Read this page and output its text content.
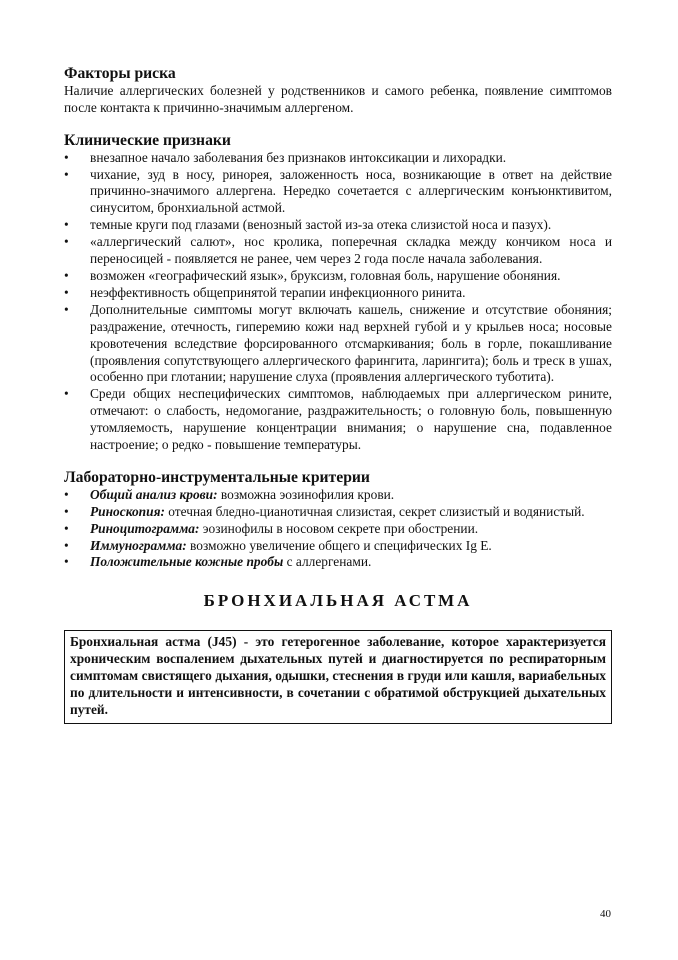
Факторы риска

Наличие аллергических болезней у родственников и самого ребенка, появление симптомов после контакта к причинно-значимым аллергеном.

Клинические признаки
• внезапное начало заболевания без признаков интоксикации и лихорадки.
• чихание, зуд в носу, ринорея, заложенность носа, возникающие в ответ на действие причинно-значимого аллергена. Нередко сочетается с аллергическим конъюнктивитом, синуситом, бронхиальной астмой.
• темные круги под глазами (венозный застой из-за отека слизистой носа и пазух).
• «аллергический салют», нос кролика, поперечная складка между кончиком носа и переносицей - появляется не ранее, чем через 2 года после начала заболевания.
• возможен «географический язык», бруксизм, головная боль, нарушение обоняния.
• неэффективность общепринятой терапии инфекционного ринита.
• Дополнительные симптомы могут включать кашель, снижение и отсутствие обоняния; раздражение, отечность, гиперемию кожи над верхней губой и у крыльев носа; носовые кровотечения вследствие форсированного отсмаркивания; боль в горле, покашливание (проявления сопутствующего аллергического фарингита, ларингита); боль и треск в ушах, особенно при глотании; нарушение слуха (проявления аллергического туботита).
• Среди общих неспецифических симптомов, наблюдаемых при аллергическом рините, отмечают: о слабость, недомогание, раздражительность; о головную боль, повышенную утомляемость, нарушение концентрации внимания; о нарушение сна, подавленное настроение; о редко - повышение температуры.
Лабораторно-инструментальные критерии
• Общий анализ крови: возможна эозинофилия крови.
• Риноскопия: отечная бледно-цианотичная слизистая, секрет слизистый и водянистый.
• Риноцитограмма: эозинофилы в носовом секрете при обострении.
• Иммунограмма: возможно увеличение общего и специфических Ig E.
• Положительные кожные пробы с аллергенами.
БРОНХИАЛЬНАЯ АСТМА

Бронхиальная астма (J45) - это гетерогенное заболевание, которое характеризуется хроническим воспалением дыхательных путей и диагностируется по респираторным симптомам свистящего дыхания, одышки, стеснения в груди или кашля, вариабельных по длительности и интенсивности, в сочетании с обратимой обструкцией дыхательных путей.

40
